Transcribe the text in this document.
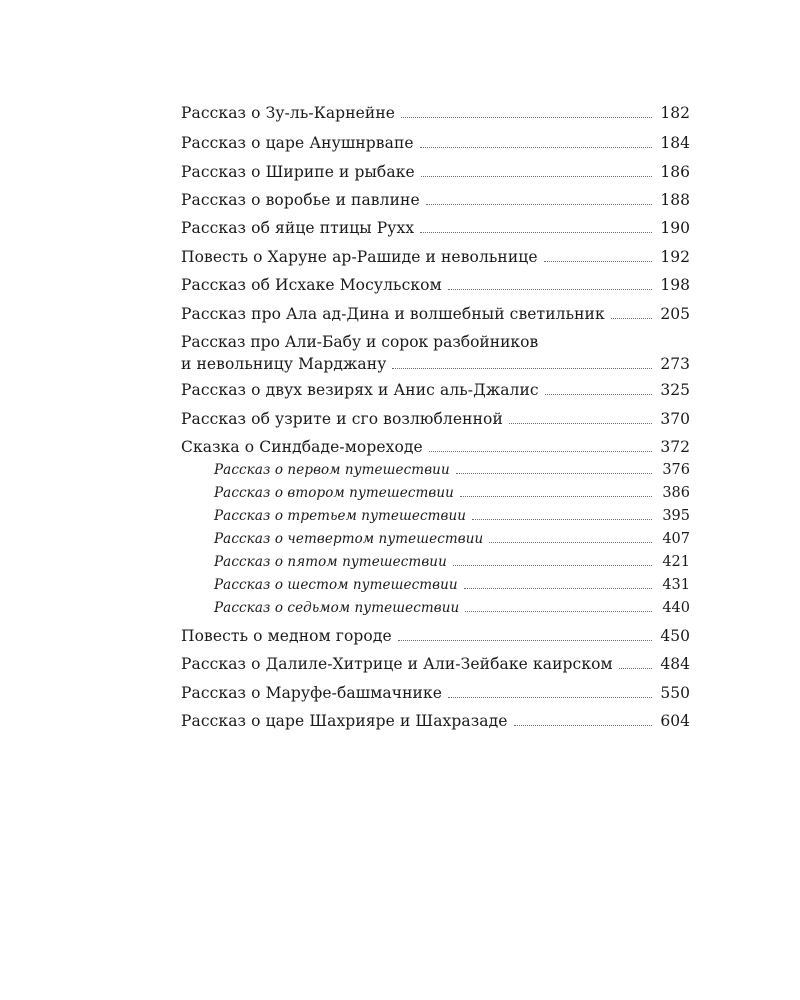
Рассказ о Зу-ль-Карнейне	182
Рассказ о царе Анушнрвапе	184
Рассказ о Ширипе и рыбаке	186
Рассказ о воробье и павлине	188
Рассказ об яйце птицы Рухх	190
Повесть о Харуне ар-Рашиде и невольнице	192
Рассказ об Исхаке Мосульском	198
Рассказ про Ала ад-Дина и волшебный светильник	205
Рассказ про Али-Бабу и сорок разбойников
и невольницу Марджану	273
Рассказ о двух везирях и Анис аль-Джалис	325
Рассказ об узрите и сго возлюбленной	370
Сказка о Синдбаде-мореходе	372
Рассказ о первом путешествии	376
Рассказ о втором путешествии	386
Рассказ о третьем путешествии	395
Рассказ о четвертом путешествии	407
Рассказ о пятом путешествии	421
Рассказ о шестом путешествии	431
Рассказ о седьмом путешествии	440
Повесть о медном городе	450
Рассказ о Далиле-Хитрице и Али-Зейбаке каирском	484
Рассказ о Маруфе-башмачнике	550
Рассказ о царе Шахрияре и Шахразаде	604
